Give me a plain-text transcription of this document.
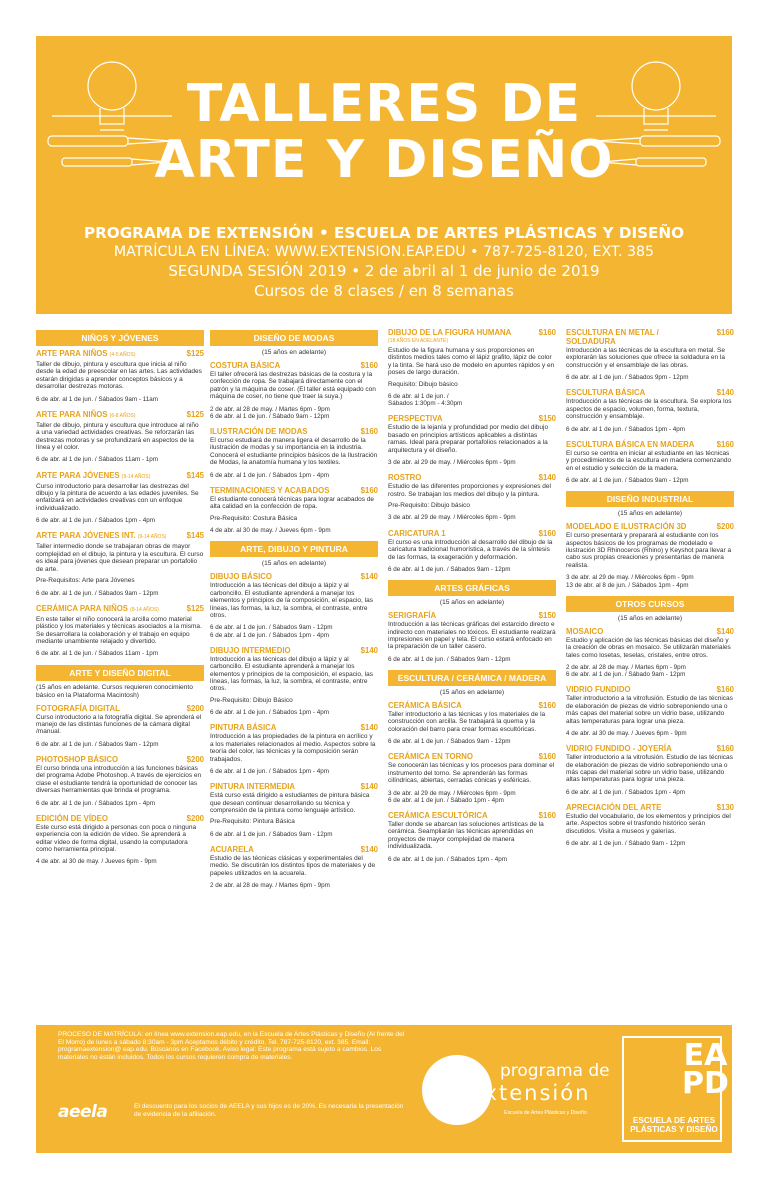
TALLERES DE
ARTE Y DISEÑO
PROGRAMA DE EXTENSIÓN • ESCUELA DE ARTES PLÁSTICAS Y DISEÑO
MATRÍCULA EN LÍNEA: WWW.EXTENSION.EAP.EDU • 787-725-8120, EXT. 385
SEGUNDA SESIÓN 2019 • 2 de abril al 1 de junio de 2019
Cursos de 8 clases / en 8 semanas
NIÑOS Y JÓVENES
ARTE PARA NIÑOS (4-5 AÑOS)	$125
Taller de dibujo, pintura y escultura que inicia al niño desde la edad de preescolar en las artes. Las actividades estarán dirigidas a aprender conceptos básicos y a desarrollar destrezas motoras.
6 de abr. al 1 de jun. / Sábados 9am - 11am
ARTE PARA NIÑOS (6-8 AÑOS)	$125
Taller de dibujo, pintura y escultura que introduce al niño a una variedad actividades creativas. Se reforzarán las destrezas motoras y se profundizará en aspectos de la línea y el color.
6 de abr. al 1 de jun. / Sábados 11am - 1pm
ARTE PARA JÓVENES (9-14 AÑOS)	$145
Curso introductorio para desarrollar las destrezas del dibujo y la pintura de acuerdo a las edades juveniles. Se enfatizará en actividades creativas con un enfoque individualizado.
6 de abr. al 1 de jun. / Sábados 1pm - 4pm
ARTE PARA JÓVENES INT. (9-14 AÑOS)	$145
Taller intermedio donde se trabajaran obras de mayor complejidad en el dibujo, la pintura y la escultura. El curso es ideal para jóvenes que desean preparar un portafolio de arte.
Pre-Requisitos: Arte para Jóvenes
6 de abr. al 1 de jun. / Sábados 9am - 12pm
CERÁMICA PARA NIÑOS (8-14 AÑOS)	$125
En este taller el niño conocerá la arcilla como material plástico y los materiales y técnicas asociados a la misma. Se desarrollara la colaboración y el trabajo en equipo mediante unambiente relajado y divertido.
6 de abr. al 1 de jun. / Sábados 11am - 1pm
ARTE Y DISEÑO DIGITAL
(15 años en adelante. Cursos requieren conocimiento básico en la Plataforma Macintosh)
FOTOGRAFÍA DIGITAL	$200
Curso introductorio a la fotografía digital. Se aprenderá el manejo de las distintas funciones de la cámara digital /manual.
6 de abr. al 1 de jun. / Sábados 9am - 12pm
PHOTOSHOP BÁSICO	$200
El curso brinda una introducción a las funciones básicas del programa Adobe Photoshop. A través de ejercicios en clase el estudiante tendrá la oportunidad de conocer las diversas herramientas que brinda el programa.
6 de abr. al 1 de jun. / Sábados 1pm - 4pm
EDICIÓN DE VÍDEO	$200
Este curso está dirigido a personas con poca o ninguna experiencia con la edición de vídeo. Se aprenderá a editar vídeo de forma digital, usando la computadora como herramienta principal.
4 de abr. al 30 de may. / Jueves 6pm - 9pm
DISEÑO DE MODAS
(15 años en adelante)
COSTURA BÁSICA	$160
El taller ofrecerá las destrezas básicas de la costura y la confección de ropa. Se trabajará directamente con el patrón y la máquina de coser. (El taller está equipado con máquina de coser, no tiene que traer la suya.)
2 de abr. al 28 de may. / Martes 6pm - 9pm
6 de abr. al 1 de jun. / Sábado 9am - 12pm
ILUSTRACIÓN DE MODAS	$160
El curso estudiará de manera ligera el desarrollo de la ilustración de modas y su importancia en la industria. Conocerá el estudiante principios básicos de la Ilustración de Modas, la anatomía humana y los textiles.
6 de abr. al 1 de jun. / Sábados 1pm - 4pm
TERMINACIONES Y ACABADOS	$160
El estudiante conocerá técnicas para lograr acabados de alta calidad en la confección de ropa.
Pre-Requisito: Costura Básica
4 de abr. al 30 de may. / Jueves 6pm - 9pm
ARTE, DIBUJO Y PINTURA
(15 años en adelante)
DIBUJO BÁSICO	$140
Introducción a las técnicas del dibujo a lápiz y al carboncillo. El estudiante aprenderá a manejar los elementos y principios de la composición, el espacio, las líneas, las formas, la luz, la sombra, el contraste, entre otros.
6 de abr. al 1 de jun. / Sábados 9am - 12pm
6 de abr. al 1 de jun. / Sábados 1pm - 4pm
DIBUJO INTERMEDIO	$140
Introducción a las técnicas del dibujo a lápiz y al carboncillo. El estudiante aprenderá a manejar los elementos y principios de la composición, el espacio, las líneas, las formas, la luz, la sombra, el contraste, entre otros.
Pre-Requisito: Dibujo Básico
6 de abr. al 1 de jun. / Sábados 1pm - 4pm
PINTURA BÁSICA	$140
Introducción a las propiedades de la pintura en acrílico y a los materiales relacionados al medio. Aspectos sobre la teoría del color, las técnicas y la composición serán trabajados.
6 de abr. al 1 de jun. / Sábados 1pm - 4pm
PINTURA INTERMEDIA	$140
Está curso está dirigido a estudiantes de pintura básica que desean continuar desarrollando su técnica y comprensión de la pintura como lenguaje artístico.
Pre-Requisito: Pintura Básica
6 de abr. al 1 de jun. / Sábados 9am - 12pm
ACUARELA	$140
Estudio de las técnicas clásicas y experimentales del medio. Se discutirán los distintos tipos de materiales y de papeles utilizados en la acuarela.
2 de abr. al 28 de may. / Martes 6pm - 9pm
DIBUJO DE LA FIGURA HUMANA	$160
(18 AÑOS EN ADELANTE)
Estudio de la figura humana y sus proporciones en distintos medios tales como el lápiz grafito, lápiz de color y la tinta. Se hará uso de modelo en apuntes rápidos y en poses de largo duración.
Requisito: Dibujo básico
6 de abr. al 1 de jun. /
Sábados 1:30pm - 4:30pm
PERSPECTIVA	$150
Estudio de la lejanía y profundidad por medio del dibujo basado en principios artísticos aplicables a distintas ramas. Ideal para preparar portafolios relacionados a la arquitectura y el diseño.
3 de abr. al 29 de may. / Miércoles 6pm - 9pm
ROSTRO	$140
Estudio de las diferentes proporciones y expresiones del rostro. Se trabajan los medios del dibujo y la pintura.
Pre-Requisito: Dibujo básico
3 de abr. al 29 de may. / Miércoles 6pm - 9pm
CARICATURA 1	$160
El curso es una introducción al desarrollo del dibujo de la caricatura tradicional humorística, a través de la síntesis de las formas, la exageración y deformación.
6 de abr. al 1 de jun. / Sábados 9am - 12pm
ARTES GRÁFICAS
(15 años en adelante)
SERIGRAFÍA	$150
Introducción a las técnicas gráficas del estarcido directo e indirecto con materiales no tóxicos. El estudiante realizará impresiones en papel y tela. El curso estará enfocado en la preparación de un taller casero.
6 de abr. al 1 de jun. / Sábados 9am - 12pm
ESCULTURA / CERÁMICA / MADERA
(15 años en adelante)
CERÁMICA BÁSICA	$160
Taller introductorio a las técnicas y los materiales de la construcción con arcilla. Se trabajará la quema y la coloración del barro para crear formas escultóricas.
6 de abr. al 1 de jun. / Sábados 9am - 12pm
CERÁMICA EN TORNO	$160
Se conocerán las técnicas y los procesos para dominar el instrumento del torno. Se aprenderán las formas cilíndricas, abiertas, cerradas cónicas y esféricas.
3 de abr. al 29 de may. / Miércoles 6pm - 9pm
6 de abr. al 1 de jun. / Sábado 1pm - 4pm
CERÁMICA ESCULTÓRICA	$160
Taller donde se abarcan las soluciones artísticas de la cerámica. Seampliarán las técnicas aprendidas en proyectos de mayor complejidad de manera individualizada.
6 de abr. al 1 de jun. / Sábados 1pm - 4pm
ESCULTURA EN METAL / SOLDADURA
$160
Introducción a las técnicas de la escultura en metal. Se explorarán las soluciones que ofrece la soldadura en la construcción y el ensamblaje de las obras.
6 de abr. al 1 de jun. / Sábados 9pm - 12pm
ESCULTURA BÁSICA	$140
Introducción a las técnicas de la escultura. Se explora los aspectos de espacio, volumen, forma, textura, construcción y ensamblaje.
6 de abr. al 1 de jun. / Sábados 1pm - 4pm
ESCULTURA BÁSICA EN MADERA	$160
El curso se centra en iniciar al estudiante en las técnicas y procedimientos de la escultura en madera comenzando en el estudio y selección de la madera.
6 de abr. al 1 de jun. / Sábados 9am - 12pm
DISEÑO INDUSTRIAL
(15 años en adelante)
MODELADO E ILUSTRACIÓN 3D	$200
El curso presentará y preparará al estudiante con los aspectos básicos de los programas de modelado e ilustración 3D Rhinoceros (Rhino) y Keyshot para llevar a cabo sus propias creaciones y presentarlas de manera realista.
3 de abr. al 29 de may. / Miércoles 6pm - 9pm
13 de abr. al 8 de jun. / Sábados 1pm - 4pm
OTROS CURSOS
(15 años en adelante)
MOSAICO	$140
Estudio y aplicación de las técnicas básicas del diseño y la creación de obras en mosaico. Se utilizarán materiales tales como losetas, teselas, cristales, entre otros.
2 de abr. al 28 de may. / Martes 6pm - 9pm
6 de abr. al 1 de jun. / Sábado 9am - 12pm
VIDRIO FUNDIDO	$160
Taller introductorio a la vitrofusión. Estudio de las técnicas de elaboración de piezas de vidrio sobreponiendo una o más capas del material sobre un vidrio base, utilizando altas temperaturas para lograr una pieza.
4 de abr. al 30 de may. / Jueves 6pm - 9pm
VIDRIO FUNDIDO - JOYERÍA	$160
Taller introductorio a la vitrofusión. Estudio de las técnicas de elaboración de piezas de vidrio sobreponiendo una o más capas del material sobre un vidrio base, utilizando altas temperaturas para lograr una pieza.
6 de abr. al 1 de jun. / Sábados 1pm - 4pm
APRECIACIÓN DEL ARTE	$130
Estudio del vocabulario, de los elementos y principios del arte. Aspectos sobre el trasfondo histórico serán discutidos. Visita a museos y galerías.
6 de abr. al 1 de jun. / Sábado 9am - 12pm
PROCESO DE MATRÍCULA: en línea www.extension.eap.edu, en la Escuela de Artes Plásticas y Diseño (Al frente del El Morro) de lunes a sábado 8:30am - 3pm Aceptamos débito y crédito. Tel. 787-725-8120, ext. 385. Email: programaextension@ eap.edu. Búscanos en Facebook. Aviso legal: Este programa está sujeto a cambios. Los materiales no están incluidos. Todos los cursos requieren compra de materiales.
aeela	El descuento para los socios de AEELA y sus hijos es de 20%. Es necesaria la presentación de evidencia de la afiliación.
programa de
extensión
Escuela de Artes Plásticas y Diseño
EA
PD
ESCUELA DE ARTES PLÁSTICAS Y DISEÑO
